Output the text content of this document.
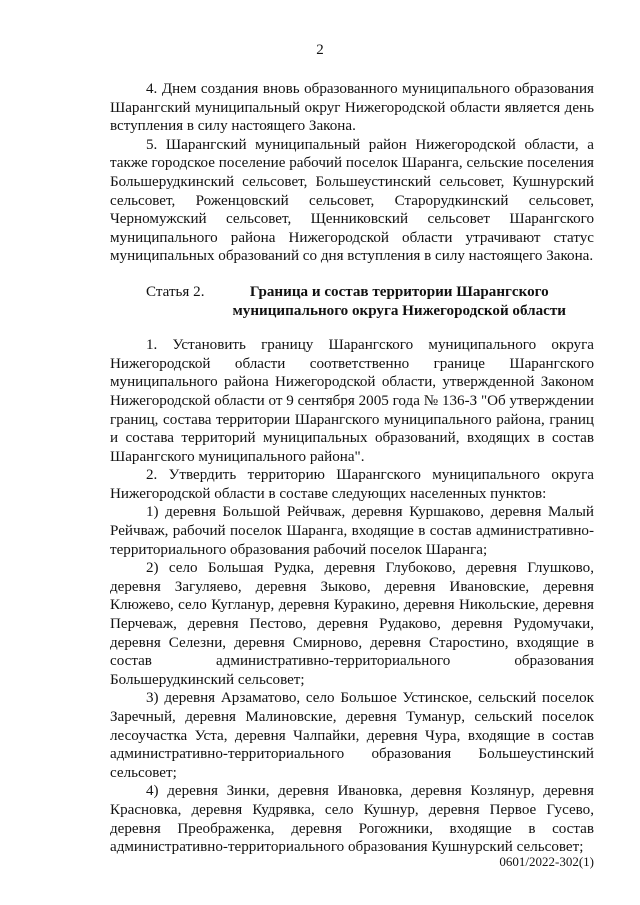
2

4. Днем создания вновь образованного муниципального образования Шарангский муниципальный округ Нижегородской области является день вступления в силу настоящего Закона.

5. Шарангский муниципальный район Нижегородской области, а также городское поселение рабочий поселок Шаранга, сельские поселения Большерудкинский сельсовет, Большеустинский сельсовет, Кушнурский сельсовет, Роженцовский сельсовет, Старорудкинский сельсовет, Черномужский сельсовет, Щенниковский сельсовет Шарангского муниципального района Нижегородской области утрачивают статус муниципальных образований со дня вступления в силу настоящего Закона.

Статья 2.	Граница и состав территории Шарангского муниципального округа Нижегородской области

1. Установить границу Шарангского муниципального округа Нижегородской области соответственно границе Шарангского муниципального района Нижегородской области, утвержденной Законом Нижегородской области от 9 сентября 2005 года № 136-З "Об утверждении границ, состава территории Шарангского муниципального района, границ и состава территорий муниципальных образований, входящих в состав Шарангского муниципального района".

2. Утвердить территорию Шарангского муниципального округа Нижегородской области в составе следующих населенных пунктов:

1) деревня Большой Рейчваж, деревня Куршаково, деревня Малый Рейчваж, рабочий поселок Шаранга, входящие в состав административно-территориального образования рабочий поселок Шаранга;

2) село Большая Рудка, деревня Глубоково, деревня Глушково, деревня Загуляево, деревня Зыково, деревня Ивановские, деревня Клюжево, село Кугланур, деревня Куракино, деревня Никольские, деревня Перчеваж, деревня Пестово, деревня Рудаково, деревня Рудомучаки, деревня Селезни, деревня Смирново, деревня Старостино, входящие в состав административно-территориального образования Большерудкинский сельсовет;

3) деревня Арзаматово, село Большое Устинское, сельский поселок Заречный, деревня Малиновские, деревня Туманур, сельский поселок лесоучастка Уста, деревня Чалпайки, деревня Чура, входящие в состав административно-территориального образования Большеустинский сельсовет;

4) деревня Зинки, деревня Ивановка, деревня Козлянур, деревня Красновка, деревня Кудрявка, село Кушнур, деревня Первое Гусево, деревня Преображенка, деревня Рогожники, входящие в состав административно-территориального образования Кушнурский сельсовет;

0601/2022-302(1)
